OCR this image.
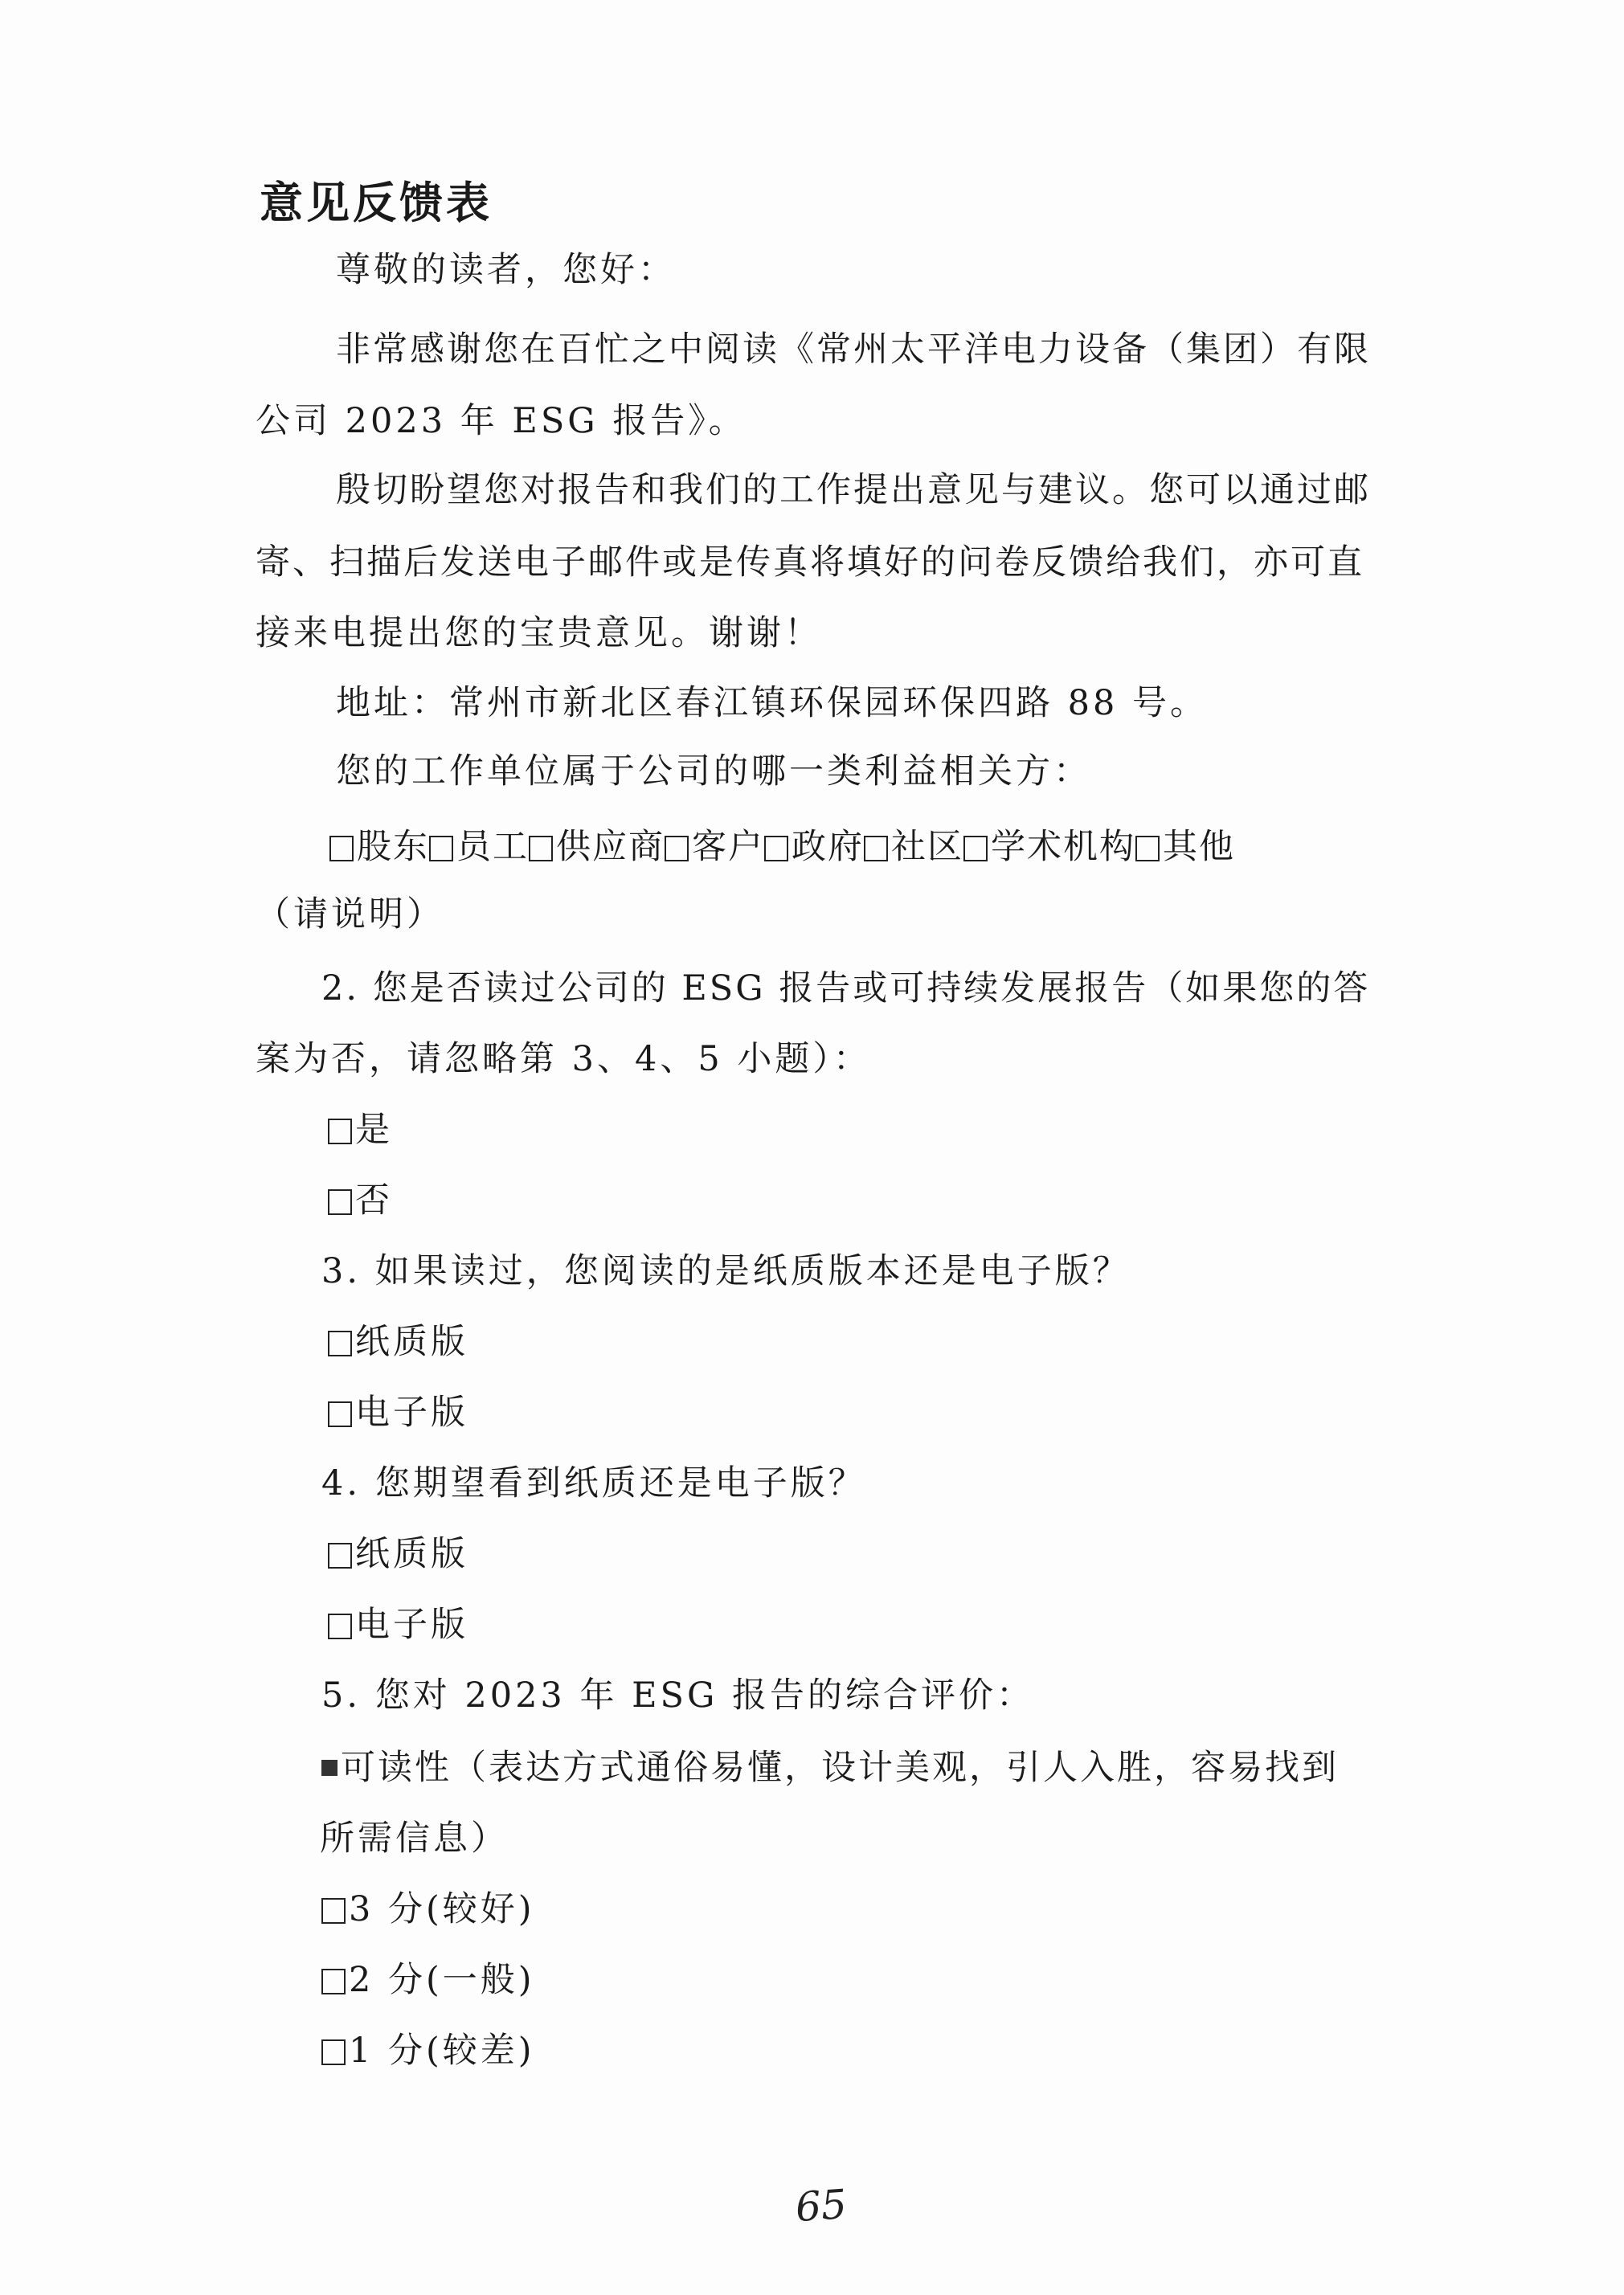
意见反馈表
尊敬的读者，您好：
非常感谢您在百忙之中阅读《常州太平洋电力设备（集团）有限
公司 2023 年 ESG 报告》。
殷切盼望您对报告和我们的工作提出意见与建议。您可以通过邮
寄、扫描后发送电子邮件或是传真将填好的问卷反馈给我们，亦可直
接来电提出您的宝贵意见。谢谢！
地址：常州市新北区春江镇环保园环保四路 88 号。
您的工作单位属于公司的哪一类利益相关方：
股东 员工 供应商 客户 政府 社区 学术机构 其他
（请说明）
2. 您是否读过公司的 ESG 报告或可持续发展报告（如果您的答
案为否，请忽略第 3、4、5 小题）：
是
否
3. 如果读过，您阅读的是纸质版本还是电子版？
纸质版
电子版
4. 您期望看到纸质还是电子版？
纸质版
电子版
5. 您对 2023 年 ESG 报告的综合评价：
可读性（表达方式通俗易懂，设计美观，引人入胜，容易找到
所需信息）
3 分(较好)
2 分(一般)
1 分(较差)
65
